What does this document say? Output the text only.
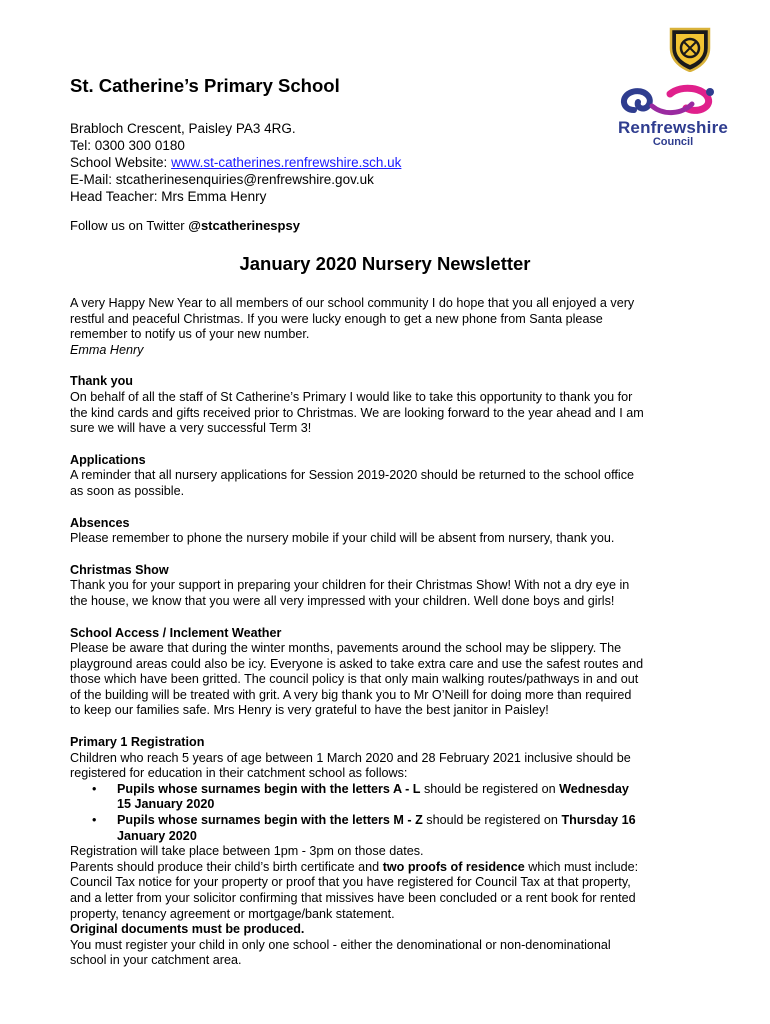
Renfrewshire
Council
St. Catherine’s Primary School
Brabloch Crescent, Paisley PA3 4RG.
Tel: 0300 300 0180
School Website: www.st-catherines.renfrewshire.sch.uk
E-Mail: stcatherinesenquiries@renfrewshire.gov.uk
Head Teacher: Mrs Emma Henry
Follow us on Twitter @stcatherinespsy
January 2020 Nursery Newsletter

A very Happy New Year to all members of our school community I do hope that you all enjoyed a very

restful and peaceful Christmas. If you were lucky enough to get a new phone from Santa please

remember to notify us of your new number.

Emma Henry

Thank you

On behalf of all the staff of St Catherine’s Primary I would like to take this opportunity to thank you for

the kind cards and gifts received prior to Christmas. We are looking forward to the year ahead and I am

sure we will have a very successful Term 3!

Applications

A reminder that all nursery applications for Session 2019-2020 should be returned to the school office

as soon as possible.

Absences

Please remember to phone the nursery mobile if your child will be absent from nursery, thank you.

Christmas Show

Thank you for your support in preparing your children for their Christmas Show! With not a dry eye in

the house, we know that you were all very impressed with your children. Well done boys and girls!

School Access / Inclement Weather

Please be aware that during the winter months, pavements around the school may be slippery. The

playground areas could also be icy. Everyone is asked to take extra care and use the safest routes and

those which have been gritted. The council policy is that only main walking routes/pathways in and out

of the building will be treated with grit. A very big thank you to Mr O’Neill for doing more than required

to keep our families safe. Mrs Henry is very grateful to have the best janitor in Paisley!

Primary 1 Registration

Children who reach 5 years of age between 1 March 2020 and 28 February 2021 inclusive should be

registered for education in their catchment school as follows:

• Pupils whose surnames begin with the letters A - L should be registered on Wednesday
15 January 2020
• Pupils whose surnames begin with the letters M - Z should be registered on Thursday 16
January 2020

Registration will take place between 1pm - 3pm on those dates.

Parents should produce their child’s birth certificate and two proofs of residence which must include:

Council Tax notice for your property or proof that you have registered for Council Tax at that property,

and a letter from your solicitor confirming that missives have been concluded or a rent book for rented

property, tenancy agreement or mortgage/bank statement.

Original documents must be produced.

You must register your child in only one school - either the denominational or non-denominational

school in your catchment area.
